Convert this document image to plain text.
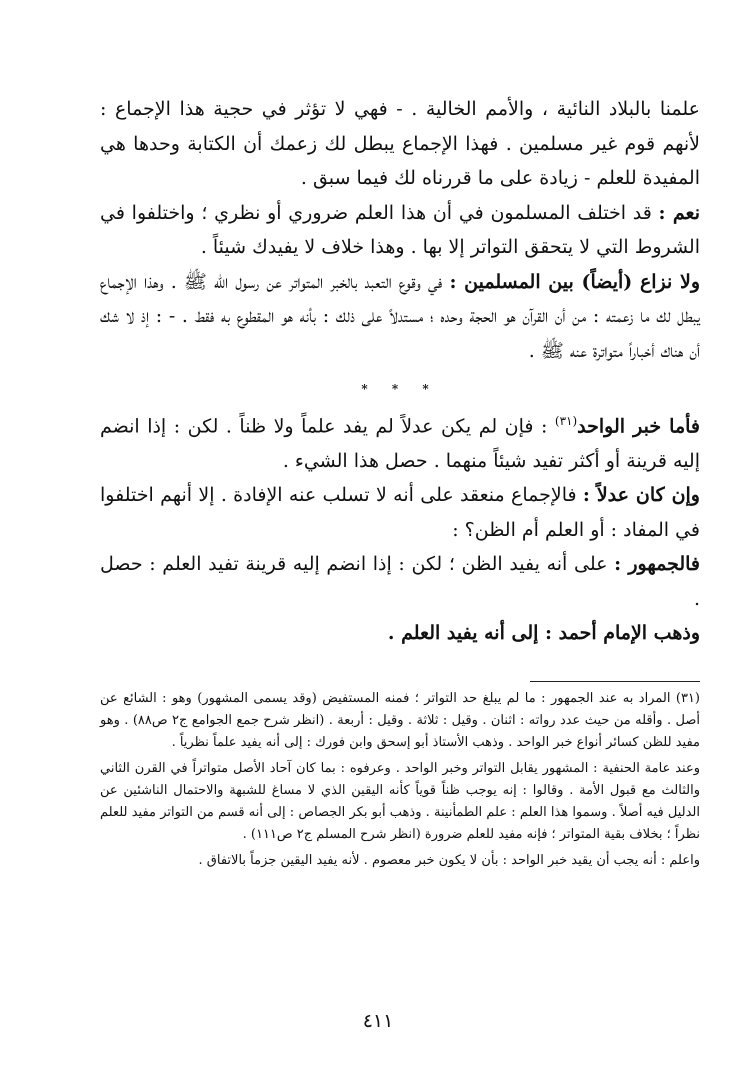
علمنا بالبلاد النائية ، والأمم الخالية . - فهي لا تؤثر في حجية هذا الإجماع : لأنهم قوم غير مسلمين . فهذا الإجماع يبطل لك زعمك أن الكتابة وحدها هي المفيدة للعلم - زيادة على ما قررناه لك فيما سبق .

نعم : قد اختلف المسلمون في أن هذا العلم ضروري أو نظري ؛ واختلفوا في الشروط التي لا يتحقق التواتر إلا بها . وهذا خلاف لا يفيدك شيئاً .

ولا نزاع (أيضاً) بين المسلمين : في وقوع التعبد بالخبر المتواتر عن رسول الله ﷺ . وهذا الإجماع يبطل لك ما زعمته : من أن القرآن هو الحجة وحده ؛ مستدلاً على ذلك : بأنه هو المقطوع به فقط . - : إذ لا شك أن هناك أخباراً متواترة عنه ﷺ .

* * *

فأما خبر الواحد$^{(٣١)}$ : فإن لم يكن عدلاً لم يفد علماً ولا ظناً . لكن : إذا انضم إليه قرينة أو أكثر تفيد شيئاً منهما . حصل هذا الشيء .

وإن كان عدلاً : فالإجماع منعقد على أنه لا تسلب عنه الإفادة . إلا أنهم اختلفوا في المفاد : أو العلم أم الظن؟ :

فالجمهور : على أنه يفيد الظن ؛ لكن : إذا انضم إليه قرينة تفيد العلم : حصل .

وذهب الإمام أحمد : إلى أنه يفيد العلم .

(٣١) المراد به عند الجمهور : ما لم يبلغ حد التواتر ؛ فمنه المستفيض (وقد يسمى المشهور) وهو : الشائع عن أصل . وأقله من حيث عدد رواته : اثنان . وقيل : ثلاثة . وقيل : أربعة . (انظر شرح جمع الجوامع ج٢ ص٨٨) . وهو مفيد للظن كسائر أنواع خبر الواحد . وذهب الأستاذ أبو إسحق وابن فورك : إلى أنه يفيد علماً نظرياً .

وعند عامة الحنفية : المشهور يقابل التواتر وخبر الواحد . وعرفوه : بما كان آحاد الأصل متواتراً في القرن الثاني والثالث مع قبول الأمة . وقالوا : إنه يوجب ظناً قوياً كأنه اليقين الذي لا مساغ للشبهة والاحتمال الناشئين عن الدليل فيه أصلاً . وسموا هذا العلم : علم الطمأنينة . وذهب أبو بكر الجصاص : إلى أنه قسم من التواتر مفيد للعلم نظراً ؛ بخلاف بقية المتواتر ؛ فإنه مفيد للعلم ضرورة (انظر شرح المسلم ج٢ ص١١١) .

واعلم : أنه يجب أن يقيد خبر الواحد : بأن لا يكون خبر معصوم . لأنه يفيد اليقين جزماً بالاتفاق .

٤١١
